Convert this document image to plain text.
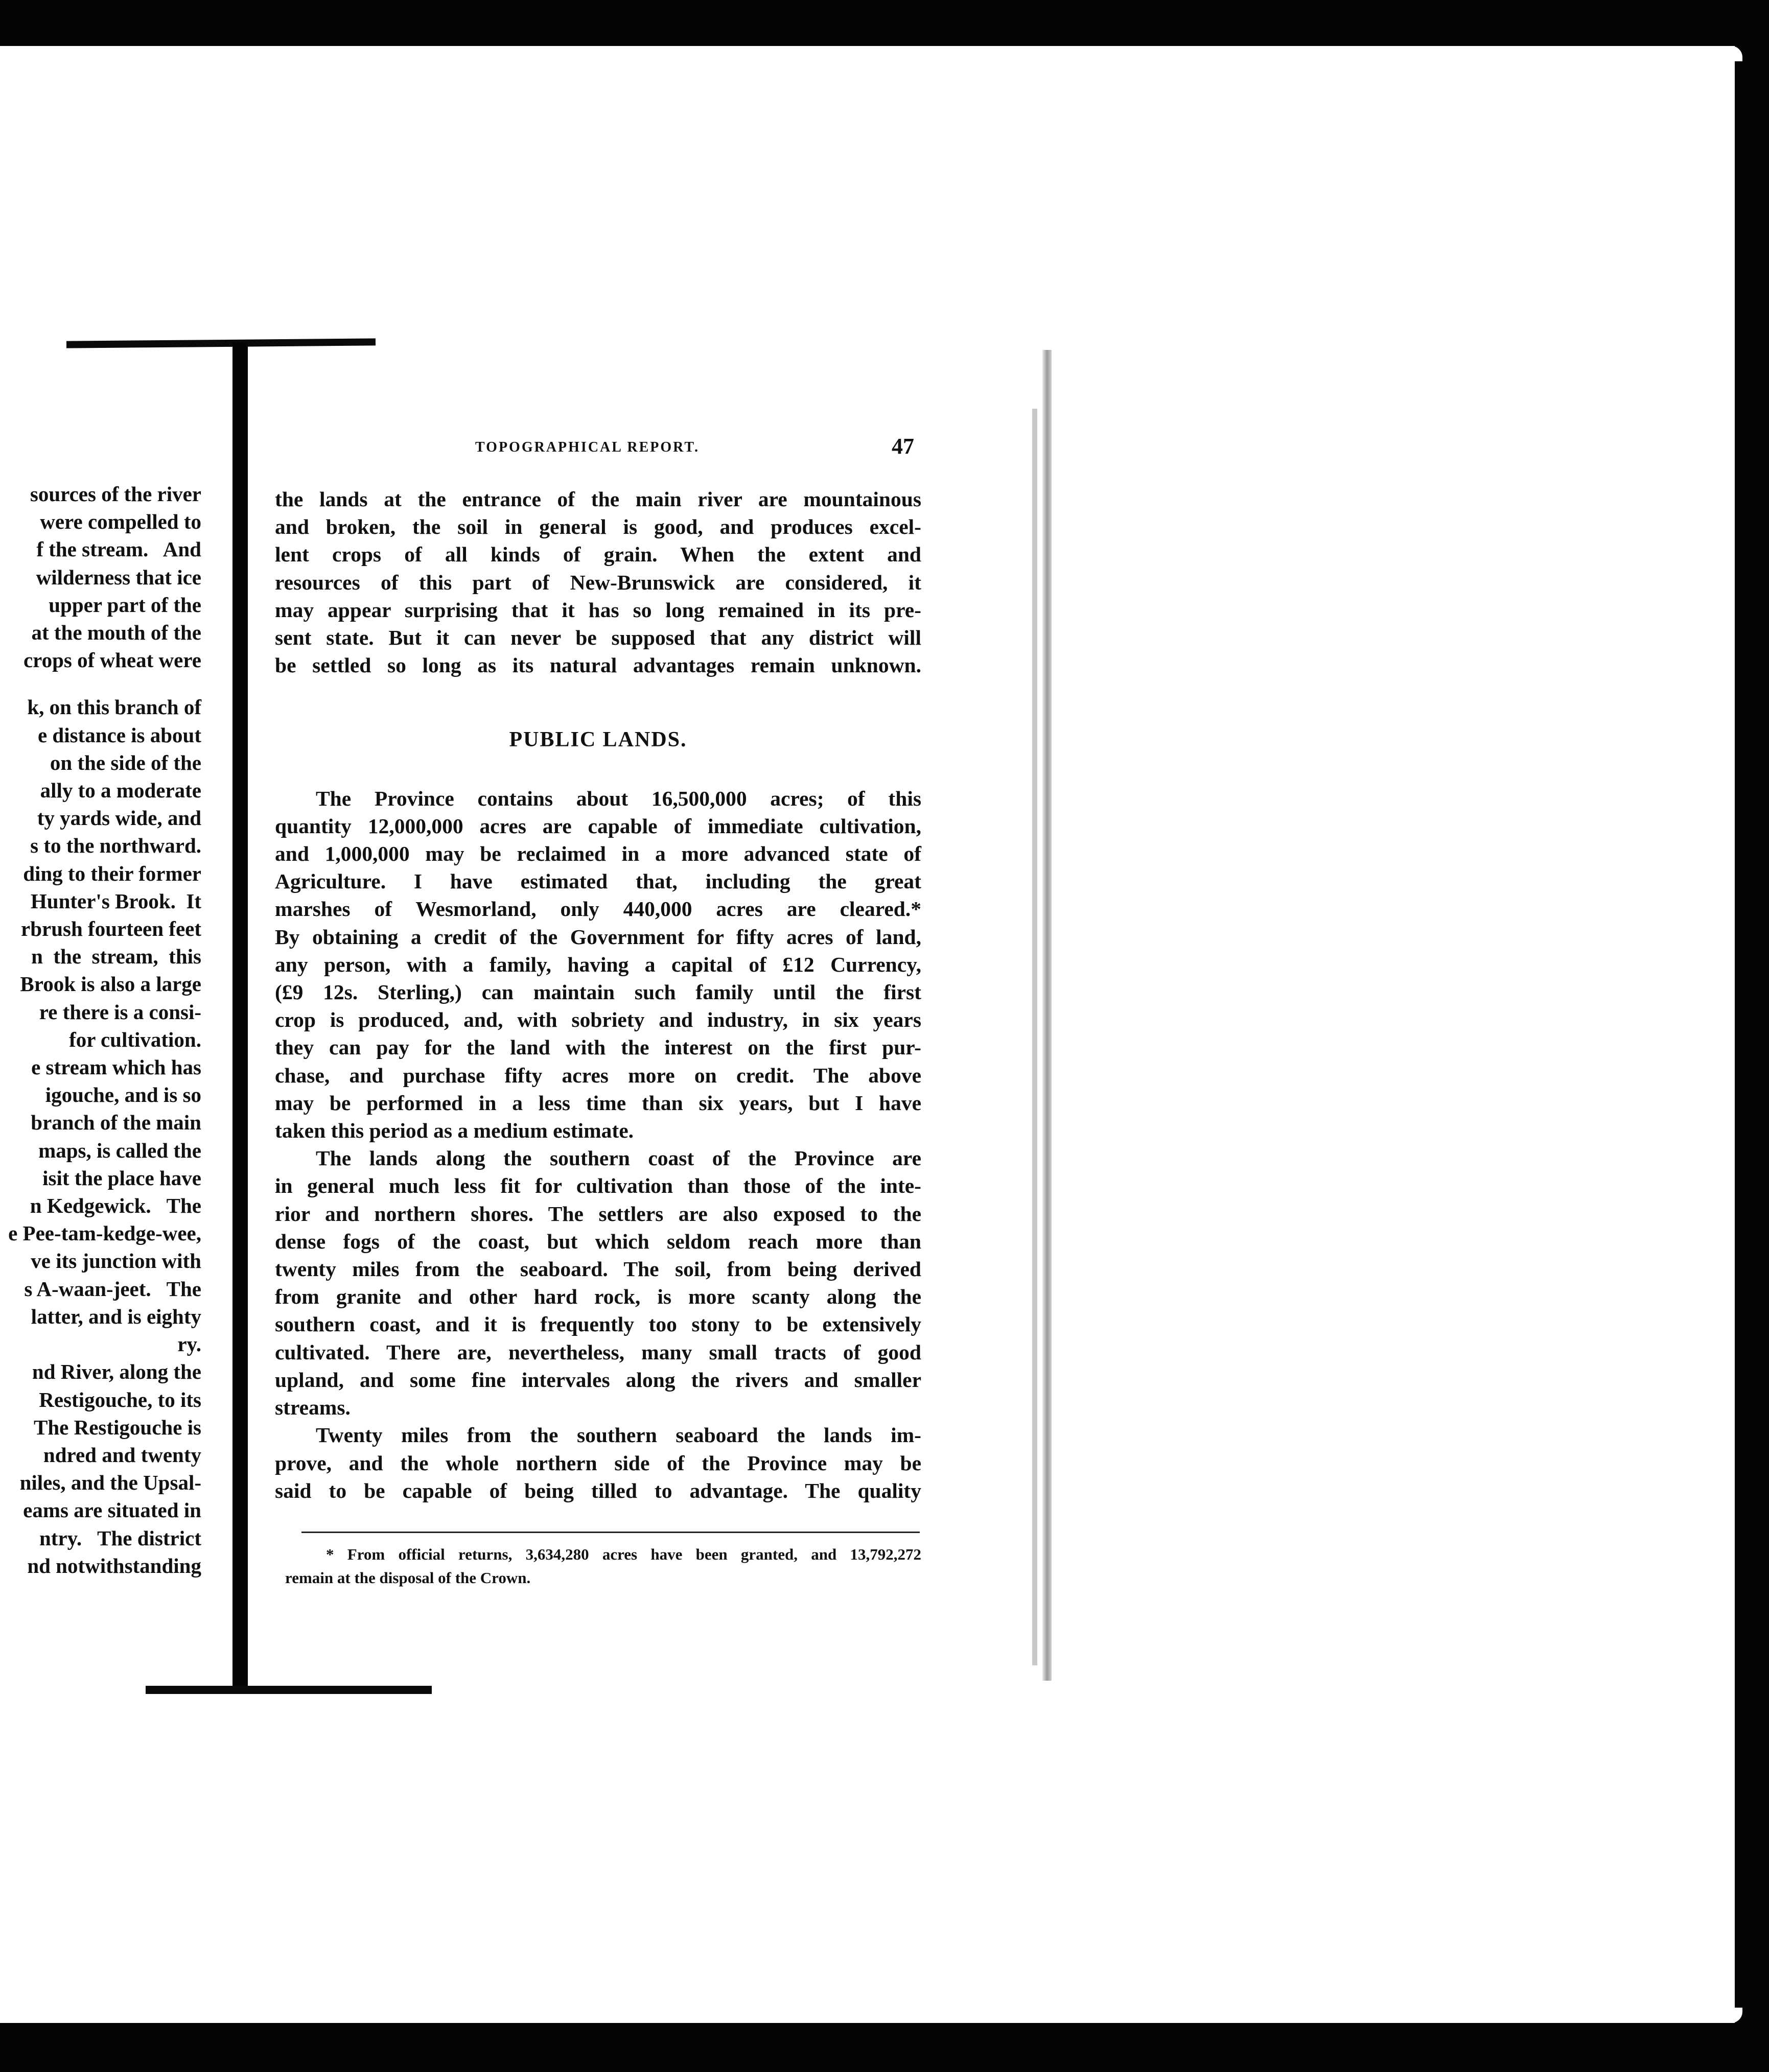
sources of the river
were compelled to
f the stream.   And
wilderness that ice
upper part of the
at the mouth of the
crops of wheat were
k, on this branch of
e distance is about
on the side of the
ally to a moderate
ty yards wide, and
s to the northward.
ding to their former
Hunter's Brook.  It
rbrush fourteen feet
n  the  stream,  this
Brook is also a large
re there is a consi-
for cultivation.
e stream which has
igouche, and is so
branch of the main
maps, is called the
isit the place have
n Kedgewick.   The
e Pee-tam-kedge-wee,
ve its junction with
s A-waan-jeet.   The
latter, and is eighty
ry.
nd River, along the
Restigouche, to its
The Restigouche is
ndred and twenty
niles, and the Upsal-
eams are situated in
ntry.   The district
nd notwithstanding
TOPOGRAPHICAL REPORT.	47
the lands at the entrance of the main river are mountainous
and broken, the soil in general is good, and produces excel-
lent crops of all kinds of grain. When the extent and
resources of this part of New-Brunswick are considered, it
may appear surprising that it has so long remained in its pre-
sent state. But it can never be supposed that any district will
be settled so long as its natural advantages remain unknown.
PUBLIC LANDS.
The Province contains about 16,500,000 acres; of this
quantity 12,000,000 acres are capable of immediate cultivation,
and 1,000,000 may be reclaimed in a more advanced state of
Agriculture. I have estimated that, including the great
marshes of Wesmorland, only 440,000 acres are cleared.*
By obtaining a credit of the Government for fifty acres of land,
any person, with a family, having a capital of £12 Currency,
(£9 12s. Sterling,) can maintain such family until the first
crop is produced, and, with sobriety and industry, in six years
they can pay for the land with the interest on the first pur-
chase, and purchase fifty acres more on credit. The above
may be performed in a less time than six years, but I have
taken this period as a medium estimate.
The lands along the southern coast of the Province are
in general much less fit for cultivation than those of the inte-
rior and northern shores. The settlers are also exposed to the
dense fogs of the coast, but which seldom reach more than
twenty miles from the seaboard. The soil, from being derived
from granite and other hard rock, is more scanty along the
southern coast, and it is frequently too stony to be extensively
cultivated. There are, nevertheless, many small tracts of good
upland, and some fine intervales along the rivers and smaller
streams.
Twenty miles from the southern seaboard the lands im-
prove, and the whole northern side of the Province may be
said to be capable of being tilled to advantage. The quality
* From official returns, 3,634,280 acres have been granted, and 13,792,272
remain at the disposal of the Crown.
